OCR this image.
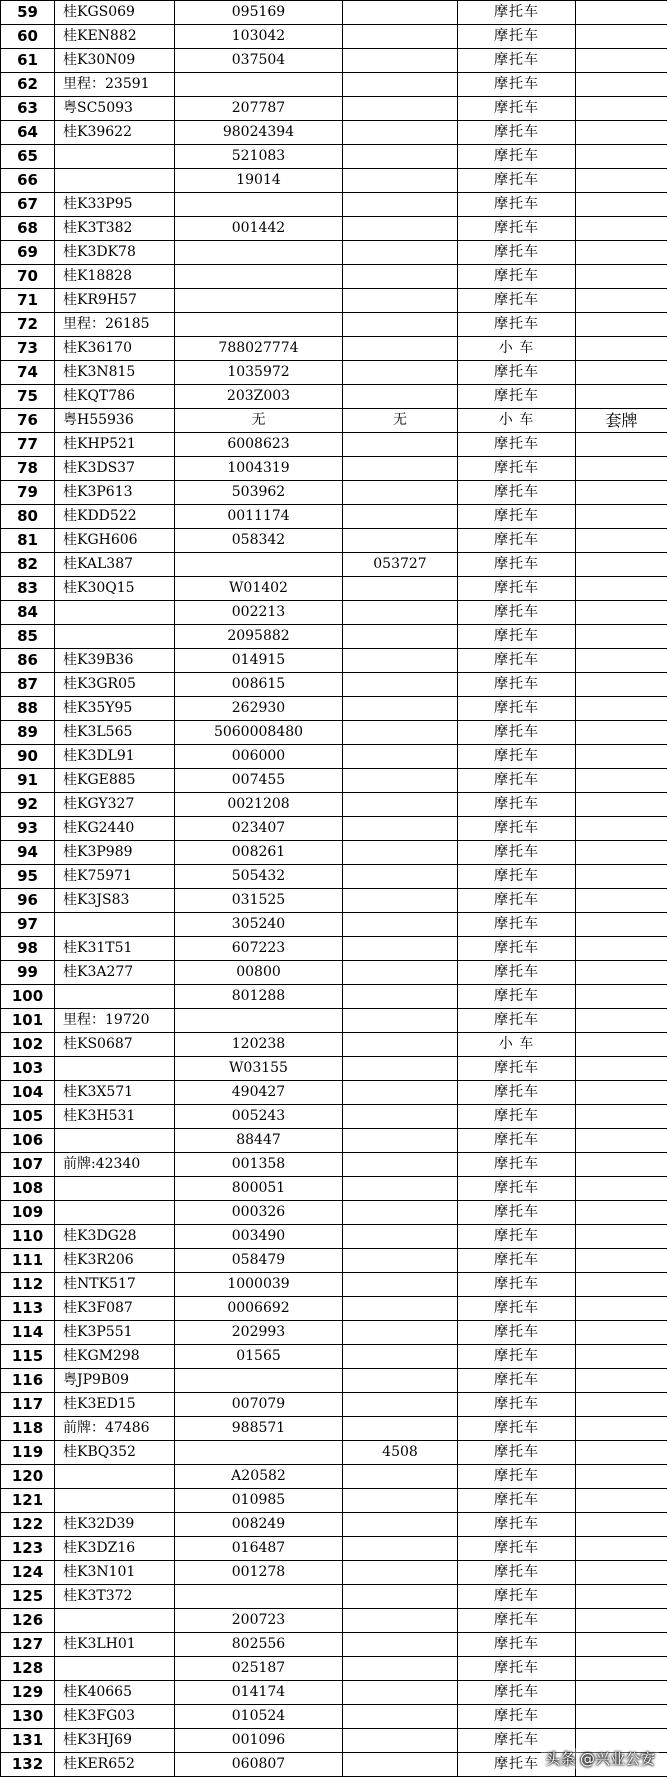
59	桂KGS069	095169		摩托车	
60	桂KEN882	103042		摩托车	
61	桂K30N09	037504		摩托车	
62	里程：23591			摩托车	
63	粤SC5093	207787		摩托车	
64	桂K39622	98024394		摩托车	
65		521083		摩托车	
66		19014		摩托车	
67	桂K33P95			摩托车	
68	桂K3T382	001442		摩托车	
69	桂K3DK78			摩托车	
70	桂K18828			摩托车	
71	桂KR9H57			摩托车	
72	里程：26185			摩托车	
73	桂K36170	788027774		小 车	
74	桂K3N815	1035972		摩托车	
75	桂KQT786	203Z003		摩托车	
76	粤H55936	无	无	小 车	套牌
77	桂KHP521	6008623		摩托车	
78	桂K3DS37	1004319		摩托车	
79	桂K3P613	503962		摩托车	
80	桂KDD522	0011174		摩托车	
81	桂KGH606	058342		摩托车	
82	桂KAL387		053727	摩托车	
83	桂K30Q15	W01402		摩托车	
84		002213		摩托车	
85		2095882		摩托车	
86	桂K39B36	014915		摩托车	
87	桂K3GR05	008615		摩托车	
88	桂K35Y95	262930		摩托车	
89	桂K3L565	5060008480		摩托车	
90	桂K3DL91	006000		摩托车	
91	桂KGE885	007455		摩托车	
92	桂KGY327	0021208		摩托车	
93	桂KG2440	023407		摩托车	
94	桂K3P989	008261		摩托车	
95	桂K75971	505432		摩托车	
96	桂K3JS83	031525		摩托车	
97		305240		摩托车	
98	桂K31T51	607223		摩托车	
99	桂K3A277	00800		摩托车	
100		801288		摩托车	
101	里程：19720			摩托车	
102	桂KS0687	120238		小 车	
103		W03155		摩托车	
104	桂K3X571	490427		摩托车	
105	桂K3H531	005243		摩托车	
106		88447		摩托车	
107	前牌:42340	001358		摩托车	
108		800051		摩托车	
109		000326		摩托车	
110	桂K3DG28	003490		摩托车	
111	桂K3R206	058479		摩托车	
112	桂NTK517	1000039		摩托车	
113	桂K3F087	0006692		摩托车	
114	桂K3P551	202993		摩托车	
115	桂KGM298	01565		摩托车	
116	粤JP9B09			摩托车	
117	桂K3ED15	007079		摩托车	
118	前牌：47486	988571		摩托车	
119	桂KBQ352		4508	摩托车	
120		A20582		摩托车	
121		010985		摩托车	
122	桂K32D39	008249		摩托车	
123	桂K3DZ16	016487		摩托车	
124	桂K3N101	001278		摩托车	
125	桂K3T372			摩托车	
126		200723		摩托车	
127	桂K3LH01	802556		摩托车	
128		025187		摩托车	
129	桂K40665	014174		摩托车	
130	桂K3FG03	010524		摩托车	
131	桂K3HJ69	001096		摩托车	
132	桂KER652	060807		摩托车	头条 @兴业公安
